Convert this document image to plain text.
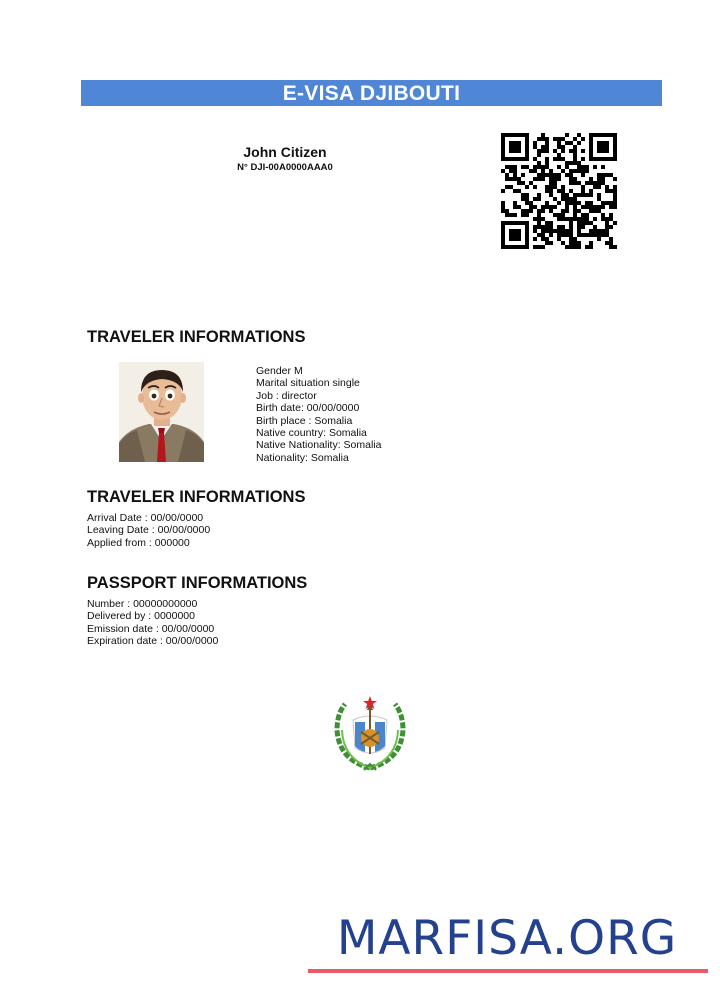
E-VISA DJIBOUTI
John Citizen
N° DJI-00A0000AAA0
TRAVELER INFORMATIONS
Gender M
Marital situation single
Job : director
Birth date: 00/00/0000
Birth place : Somalia
Native country: Somalia
Native Nationality: Somalia
Nationality: Somalia
TRAVELER INFORMATIONS
Arrival Date : 00/00/0000
Leaving Date : 00/00/0000
Applied from : 000000
PASSPORT INFORMATIONS
Number : 00000000000
Delivered by : 0000000
Emission date : 00/00/0000
Expiration date : 00/00/0000
MARFISA.ORG
